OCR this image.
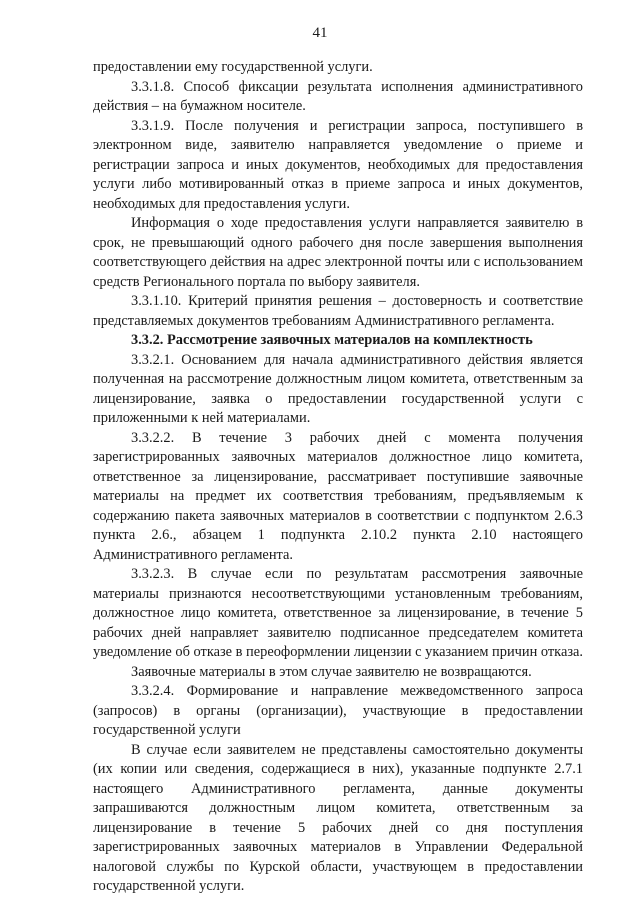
41

предоставлении ему государственной услуги.

3.3.1.8. Способ фиксации результата исполнения административного действия – на бумажном носителе.

3.3.1.9. После получения и регистрации запроса, поступившего в электронном виде, заявителю направляется уведомление о приеме и регистрации запроса и иных документов, необходимых для предоставления услуги либо мотивированный отказ в приеме запроса и иных документов, необходимых для предоставления услуги.

Информация о ходе предоставления услуги направляется заявителю в срок, не превышающий одного рабочего дня после завершения выполнения соответствующего действия на адрес электронной почты или с использованием средств Регионального портала по выбору заявителя.

3.3.1.10. Критерий принятия решения – достоверность и соответствие представляемых документов требованиям Административного регламента.

3.3.2. Рассмотрение заявочных материалов на комплектность

3.3.2.1. Основанием для начала административного действия является полученная на рассмотрение должностным лицом комитета, ответственным за лицензирование, заявка о предоставлении государственной услуги с приложенными к ней материалами.

3.3.2.2. В течение 3 рабочих дней с момента получения зарегистрированных заявочных материалов должностное лицо комитета, ответственное за лицензирование, рассматривает поступившие заявочные материалы на предмет их соответствия требованиям, предъявляемым к содержанию пакета заявочных материалов в соответствии с подпунктом 2.6.3 пункта 2.6., абзацем 1 подпункта 2.10.2 пункта 2.10 настоящего Административного регламента.

3.3.2.3. В случае если по результатам рассмотрения заявочные материалы признаются несоответствующими установленным требованиям, должностное лицо комитета, ответственное за лицензирование, в течение 5 рабочих дней направляет заявителю подписанное председателем комитета уведомление об отказе в переоформлении лицензии с указанием причин отказа.

Заявочные материалы в этом случае заявителю не возвращаются.

3.3.2.4. Формирование и направление межведомственного запроса (запросов) в органы (организации), участвующие в предоставлении государственной услуги

В случае если заявителем не представлены самостоятельно документы (их копии или сведения, содержащиеся в них), указанные подпункте 2.7.1 настоящего Административного регламента, данные документы запрашиваются должностным лицом комитета, ответственным за лицензирование в течение 5 рабочих дней со дня поступления зарегистрированных заявочных материалов в Управлении Федеральной налоговой службы по Курской области, участвующем в предоставлении государственной услуги.
